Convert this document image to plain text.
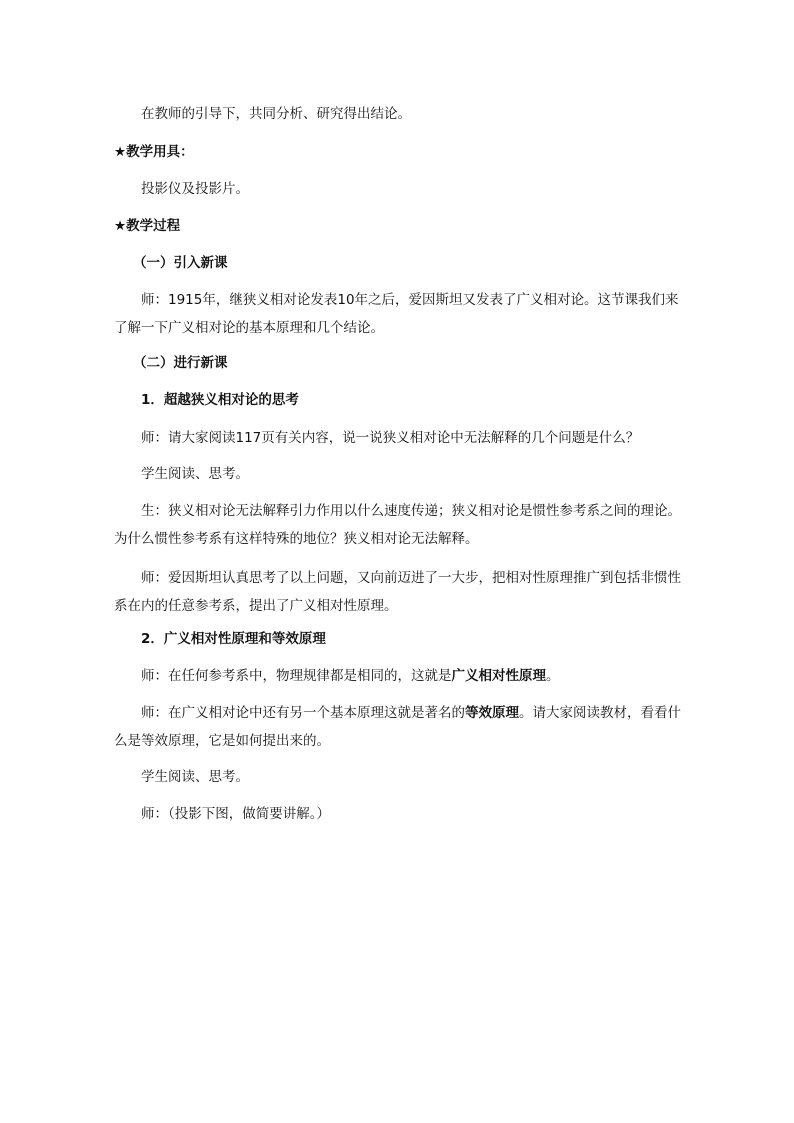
在教师的引导下，共同分析、研究得出结论。

★教学用具：

投影仪及投影片。

★教学过程

（一）引入新课

师：1915年，继狭义相对论发表10年之后，爱因斯坦又发表了广义相对论。这节课我们来了解一下广义相对论的基本原理和几个结论。

（二）进行新课

1．超越狭义相对论的思考

师：请大家阅读117页有关内容，说一说狭义相对论中无法解释的几个问题是什么？

学生阅读、思考。

生：狭义相对论无法解释引力作用以什么速度传递；狭义相对论是惯性参考系之间的理论。为什么惯性参考系有这样特殊的地位？狭义相对论无法解释。

师：爱因斯坦认真思考了以上问题，又向前迈进了一大步，把相对性原理推广到包括非惯性系在内的任意参考系，提出了广义相对性原理。

2．广义相对性原理和等效原理

师：在任何参考系中，物理规律都是相同的，这就是广义相对性原理。

师：在广义相对论中还有另一个基本原理这就是著名的等效原理。请大家阅读教材，看看什么是等效原理，它是如何提出来的。

学生阅读、思考。

师：（投影下图，做简要讲解。）
